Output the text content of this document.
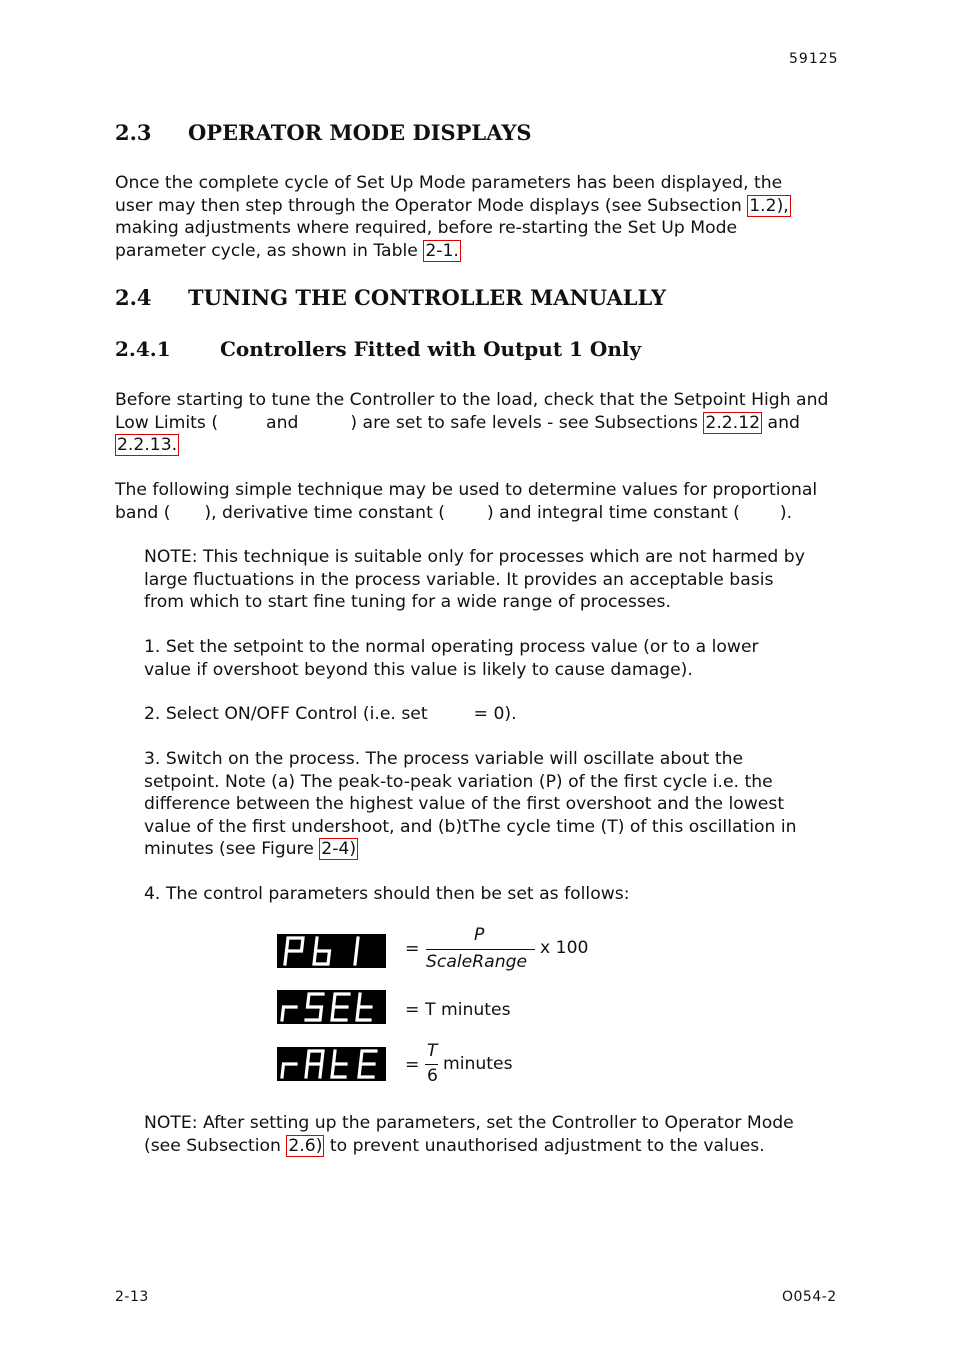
59125
2.3 OPERATOR MODE DISPLAYS
Once the complete cycle of Set Up Mode parameters has been displayed, the
user may then step through the Operator Mode displays (see Subsection 1.2),
making adjustments where required, before re-starting the Set Up Mode
parameter cycle, as shown in Table 2-1.
2.4 TUNING THE CONTROLLER MANUALLY
2.4.1 Controllers Fitted with Output 1 Only
Before starting to tune the Controller to the load, check that the Setpoint High and
Low Limits (	and	) are set to safe levels - see Subsections 2.2.12 and
2.2.13.
The following simple technique may be used to determine values for proportional
band ( ), derivative time constant ( ) and integral time constant ( ).
NOTE: This technique is suitable only for processes which are not harmed by
large fluctuations in the process variable. It provides an acceptable basis
from which to start fine tuning for a wide range of processes.
1. Set the setpoint to the normal operating process value (or to a lower
value if overshoot beyond this value is likely to cause damage).
2. Select ON/OFF Control (i.e. set	= 0).
3. Switch on the process. The process variable will oscillate about the
setpoint. Note (a) The peak-to-peak variation (P) of the first cycle i.e. the
difference between the highest value of the first overshoot and the lowest
value of the first undershoot, and (b)tThe cycle time (T) of this oscillation in
minutes (see Figure 2-4)
4. The control parameters should then be set as follows:
=
P
ScaleRange
x 100
= T minutes
=
T
6
minutes
NOTE: After setting up the parameters, set the Controller to Operator Mode
(see Subsection 2.6) to prevent unauthorised adjustment to the values.
2-13	O054-2
